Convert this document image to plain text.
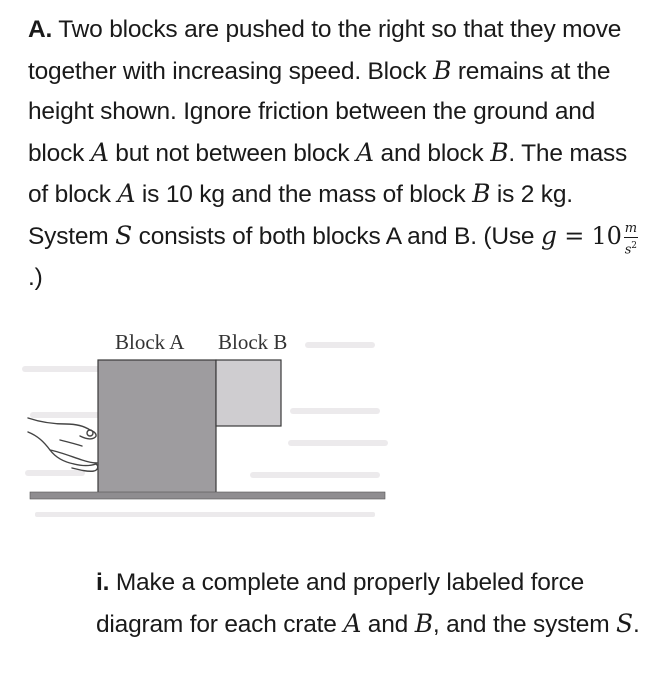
A. Two blocks are pushed to the right so that they move together with increasing speed. Block B remains at the height shown. Ignore friction between the ground and block A but not between block A and block B. The mass of block A is 10 kg and the mass of block B is 2 kg. System S consists of both blocks A and B. (Use $g = 10 \frac{m}{s^2}$
.)
Block A Block B
i. Make a complete and properly labeled force diagram for each crate A and B, and the system S.
